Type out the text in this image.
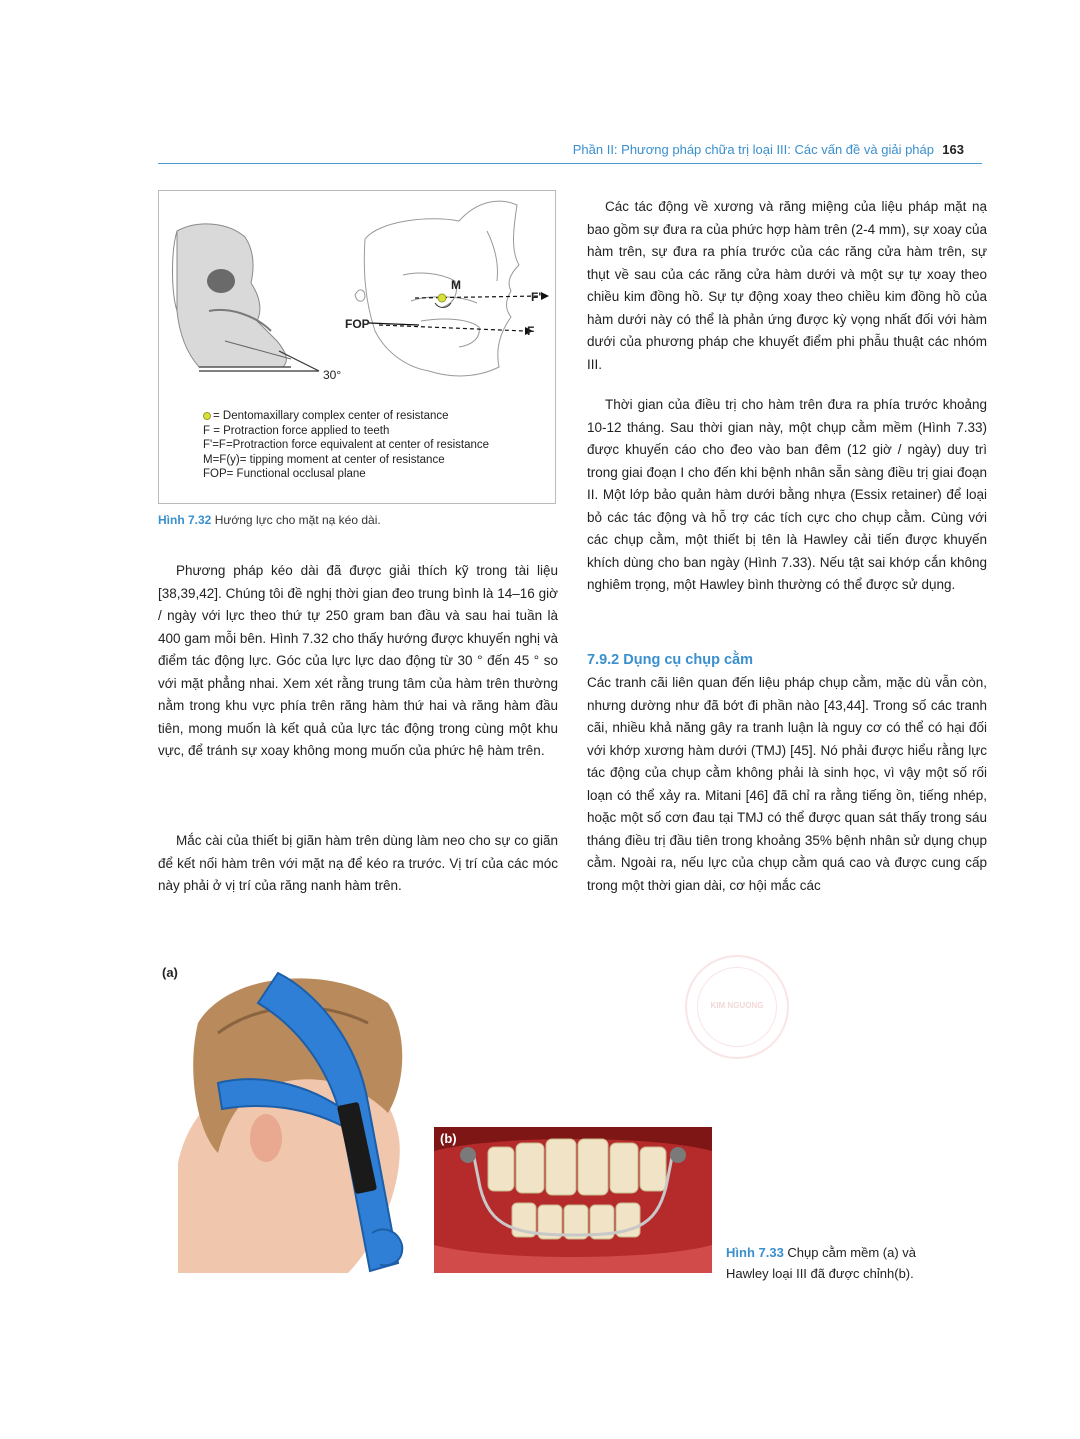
Phần II: Phương pháp chữa trị loại III: Các vấn đề và giải pháp 163
30°
M
F'
F
FOP
= Dentomaxillary complex center of resistance
F = Protraction force applied to teeth
F'=F=Protraction force equivalent at center of resistance
M=F(y)= tipping moment at center of resistance
FOP= Functional occlusal plane
Hình 7.32 Hướng lực cho mặt nạ kéo dài.
Phương pháp kéo dài đã được giải thích kỹ trong tài liệu [38,39,42]. Chúng tôi đề nghị thời gian đeo trung bình là 14–16 giờ / ngày với lực theo thứ tự 250 gram ban đầu và sau hai tuần là 400 gam mỗi bên. Hình 7.32 cho thấy hướng được khuyến nghị và điểm tác động lực. Góc của lực lực dao động từ 30 ° đến 45 ° so với mặt phẳng nhai. Xem xét rằng trung tâm của hàm trên thường nằm trong khu vực phía trên răng hàm thứ hai và răng hàm đầu tiên, mong muốn là kết quả của lực tác động trong cùng một khu vực, để tránh sự xoay không mong muốn của phức hệ hàm trên.
Mắc cài của thiết bị giãn hàm trên dùng làm neo cho sự co giãn để kết nối hàm trên với mặt nạ để kéo ra trước. Vị trí của các móc này phải ở vị trí của răng nanh hàm trên.
Các tác động về xương và răng miệng của liệu pháp mặt nạ bao gồm sự đưa ra của phức hợp hàm trên (2-4 mm), sự xoay của hàm trên, sự đưa ra phía trước của các răng cửa hàm trên, sự thụt về sau của các răng cửa hàm dưới và một sự tự xoay theo chiều kim đồng hồ. Sự tự động xoay theo chiều kim đồng hồ của hàm dưới này có thể là phản ứng được kỳ vọng nhất đối với hàm dưới của phương pháp che khuyết điểm phi phẫu thuật các nhóm III.
Thời gian của điều trị cho hàm trên đưa ra phía trước khoảng 10-12 tháng. Sau thời gian này, một chụp cằm mềm (Hình 7.33) được khuyến cáo cho đeo vào ban đêm (12 giờ / ngày) duy trì trong giai đoạn I cho đến khi bệnh nhân sẵn sàng điều trị giai đoạn II. Một lớp bảo quản hàm dưới bằng nhựa (Essix retainer) để loại bỏ các tác động và hỗ trợ các tích cực cho chụp cằm. Cùng với các chụp cằm, một thiết bị tên là Hawley cải tiến được khuyến khích dùng cho ban ngày (Hình 7.33). Nếu tật sai khớp cắn không nghiêm trọng, một Hawley bình thường có thể được sử dụng.
7.9.2 Dụng cụ chụp cằm
Các tranh cãi liên quan đến liệu pháp chụp cằm, mặc dù vẫn còn, nhưng dường như đã bớt đi phần nào [43,44]. Trong số các tranh cãi, nhiều khả năng gây ra tranh luận là nguy cơ có thể có hại đối với khớp xương hàm dưới (TMJ) [45]. Nó phải được hiểu rằng lực tác động của chụp cằm không phải là sinh học, vì vậy một số rối loạn có thể xảy ra. Mitani [46] đã chỉ ra rằng tiếng ồn, tiếng nhép, hoặc một số cơn đau tại TMJ có thể được quan sát thấy trong sáu tháng điều trị đầu tiên trong khoảng 35% bệnh nhân sử dụng chụp cằm. Ngoài ra, nếu lực của chụp cằm quá cao và được cung cấp trong một thời gian dài, cơ hội mắc các
KIM NGUONG
(a)
(b)
Hình 7.33 Chụp cằm mềm (a) và
Hawley loại III đã được chỉnh(b).
